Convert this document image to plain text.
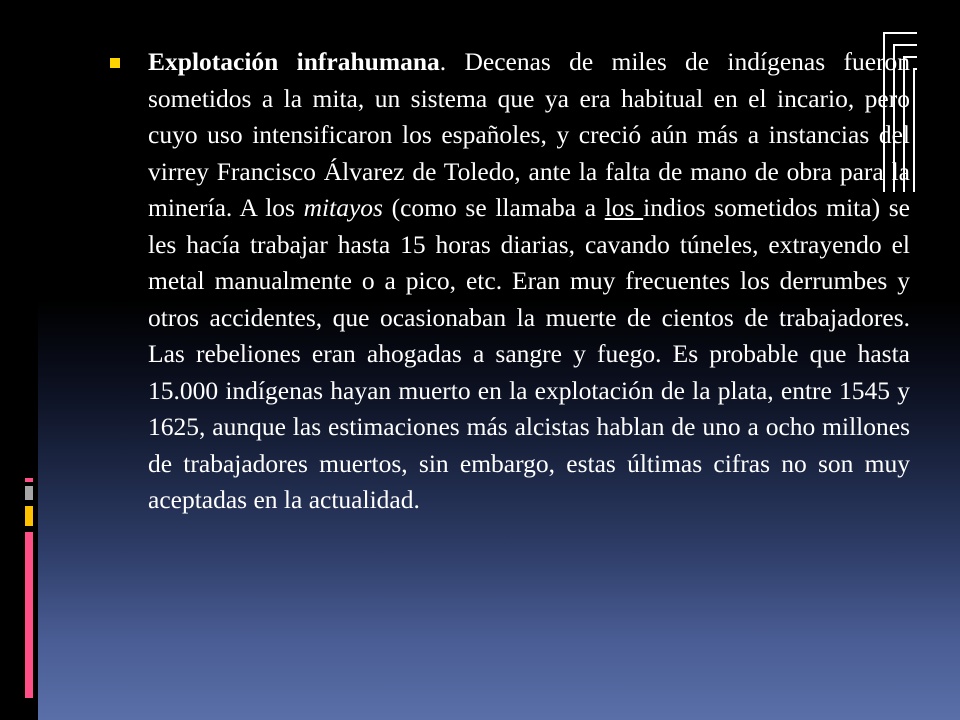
Explotación infrahumana. Decenas de miles de indígenas fueron sometidos a la mita, un sistema que ya era habitual en el incario, pero cuyo uso intensificaron los españoles, y creció aún más a instancias del virrey Francisco Álvarez de Toledo, ante la falta de mano de obra para la minería. A los mitayos (como se llamaba a los indios sometidos mita) se les hacía trabajar hasta 15 horas diarias, cavando túneles, extrayendo el metal manualmente o a pico, etc. Eran muy frecuentes los derrumbes y otros accidentes, que ocasionaban la muerte de cientos de trabajadores. Las rebeliones eran ahogadas a sangre y fuego. Es probable que hasta 15.000 indígenas hayan muerto en la explotación de la plata, entre 1545 y 1625, aunque las estimaciones más alcistas hablan de uno a ocho millones de trabajadores muertos, sin embargo, estas últimas cifras no son muy aceptadas en la actualidad.
